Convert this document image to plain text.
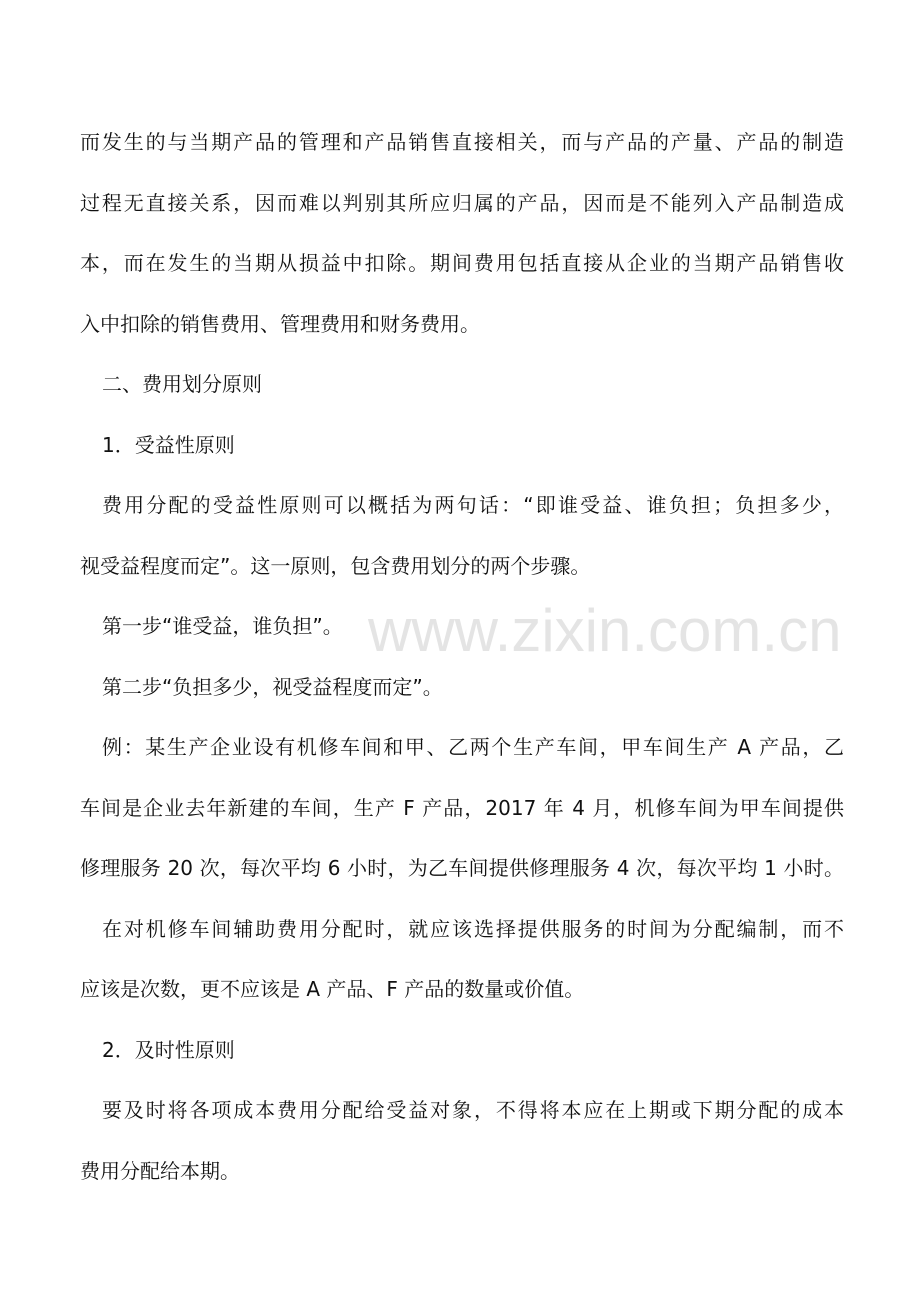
而发生的与当期产品的管理和产品销售直接相关，而与产品的产量、产品的制造
过程无直接关系，因而难以判别其所应归属的产品，因而是不能列入产品制造成
本，而在发生的当期从损益中扣除。期间费用包括直接从企业的当期产品销售收
入中扣除的销售费用、管理费用和财务费用。
二、费用划分原则
1．受益性原则
费用分配的受益性原则可以概括为两句话：“即谁受益、谁负担；负担多少，
视受益程度而定”。这一原则，包含费用划分的两个步骤。
第一步“谁受益，谁负担”。
第二步“负担多少，视受益程度而定”。
例：某生产企业设有机修车间和甲、乙两个生产车间，甲车间生产 A 产品，乙
车间是企业去年新建的车间，生产 F 产品，2017 年 4 月，机修车间为甲车间提供
修理服务 20 次，每次平均 6 小时，为乙车间提供修理服务 4 次，每次平均 1 小时。
在对机修车间辅助费用分配时，就应该选择提供服务的时间为分配编制，而不
应该是次数，更不应该是 A 产品、F 产品的数量或价值。
2．及时性原则
要及时将各项成本费用分配给受益对象，不得将本应在上期或下期分配的成本
费用分配给本期。
www.zixin.com.cn
